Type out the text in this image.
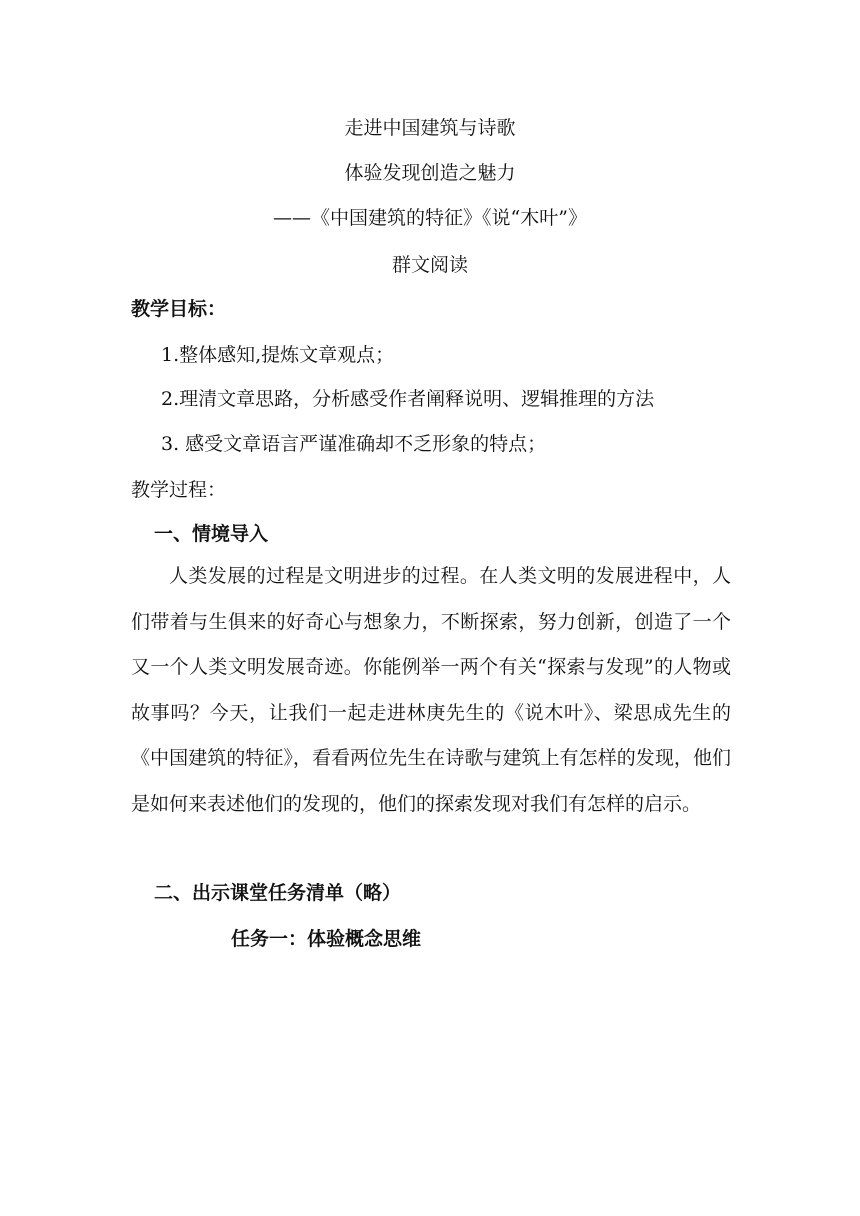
走进中国建筑与诗歌
体验发现创造之魅力
——《中国建筑的特征》《说“木叶”》
群文阅读
教学目标：
1.整体感知,提炼文章观点；
2.理清文章思路，分析感受作者阐释说明、逻辑推理的方法
3. 感受文章语言严谨准确却不乏形象的特点；
教学过程：
一、情境导入
人类发展的过程是文明进步的过程。在人类文明的发展进程中，人们带着与生俱来的好奇心与想象力，不断探索，努力创新，创造了一个又一个人类文明发展奇迹。你能例举一两个有关“探索与发现”的人物或故事吗？今天，让我们一起走进林庚先生的《说木叶》、梁思成先生的《中国建筑的特征》，看看两位先生在诗歌与建筑上有怎样的发现，他们是如何来表述他们的发现的，他们的探索发现对我们有怎样的启示。
二、出示课堂任务清单（略）
任务一：体验概念思维
